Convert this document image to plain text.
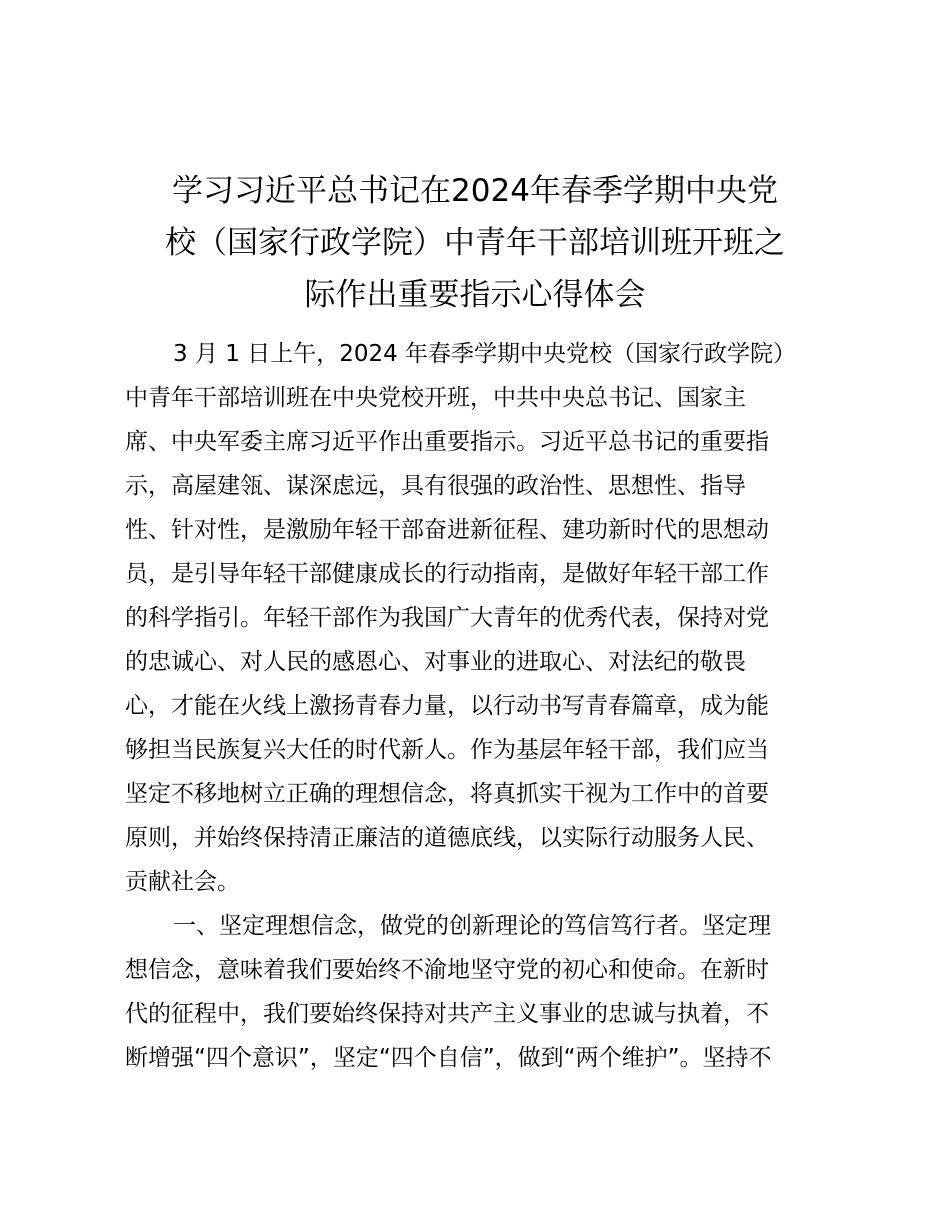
学习习近平总书记在2024年春季学期中央党
校（国家行政学院）中青年干部培训班开班之
际作出重要指示心得体会
3 月 1 日上午，2024 年春季学期中央党校（国家行政学院）
中青年干部培训班在中央党校开班，中共中央总书记、国家主
席、中央军委主席习近平作出重要指示。习近平总书记的重要指
示，高屋建瓴、谋深虑远，具有很强的政治性、思想性、指导
性、针对性，是激励年轻干部奋进新征程、建功新时代的思想动
员，是引导年轻干部健康成长的行动指南，是做好年轻干部工作
的科学指引。年轻干部作为我国广大青年的优秀代表，保持对党
的忠诚心、对人民的感恩心、对事业的进取心、对法纪的敬畏
心，才能在火线上激扬青春力量，以行动书写青春篇章，成为能
够担当民族复兴大任的时代新人。作为基层年轻干部，我们应当
坚定不移地树立正确的理想信念，将真抓实干视为工作中的首要
原则，并始终保持清正廉洁的道德底线，以实际行动服务人民、
贡献社会。
一、坚定理想信念，做党的创新理论的笃信笃行者。坚定理
想信念，意味着我们要始终不渝地坚守党的初心和使命。在新时
代的征程中，我们要始终保持对共产主义事业的忠诚与执着，不
断增强“四个意识”，坚定“四个自信”，做到“两个维护”。坚持不
